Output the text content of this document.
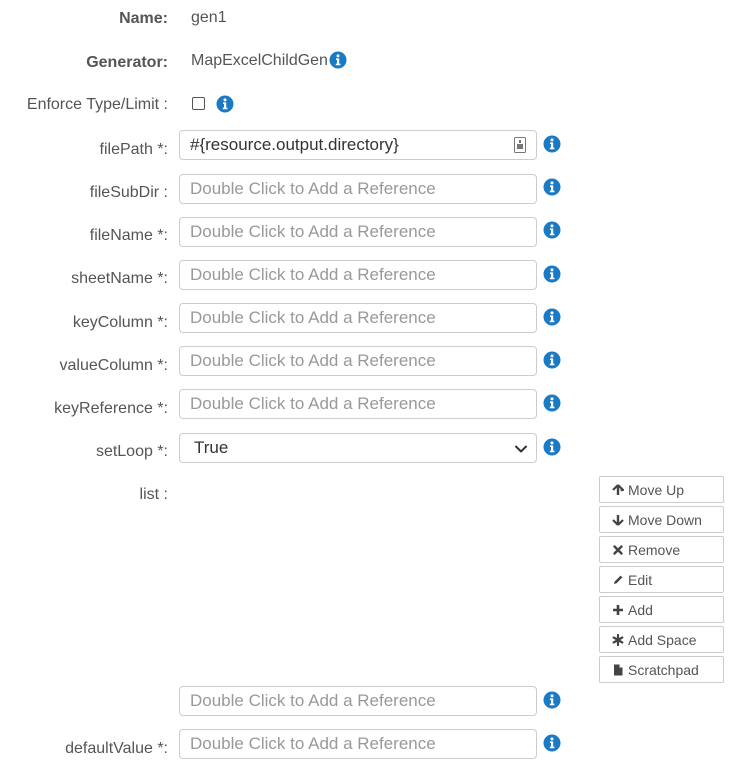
Name: gen1
Generator: MapExcelChildGen
Enforce Type/Limit :
filePath *: #{resource.output.directory}
fileSubDir :
Double Click to Add a Reference
fileName *:
Double Click to Add a Reference
sheetName *:
Double Click to Add a Reference
keyColumn *:
Double Click to Add a Reference
valueColumn *:
Double Click to Add a Reference
keyReference *:
Double Click to Add a Reference
setLoop *: True
list :	Move Up
Move Down
Remove
Edit
Add
Add Space
Scratchpad
Double Click to Add a Reference
defaultValue *:
Double Click to Add a Reference
